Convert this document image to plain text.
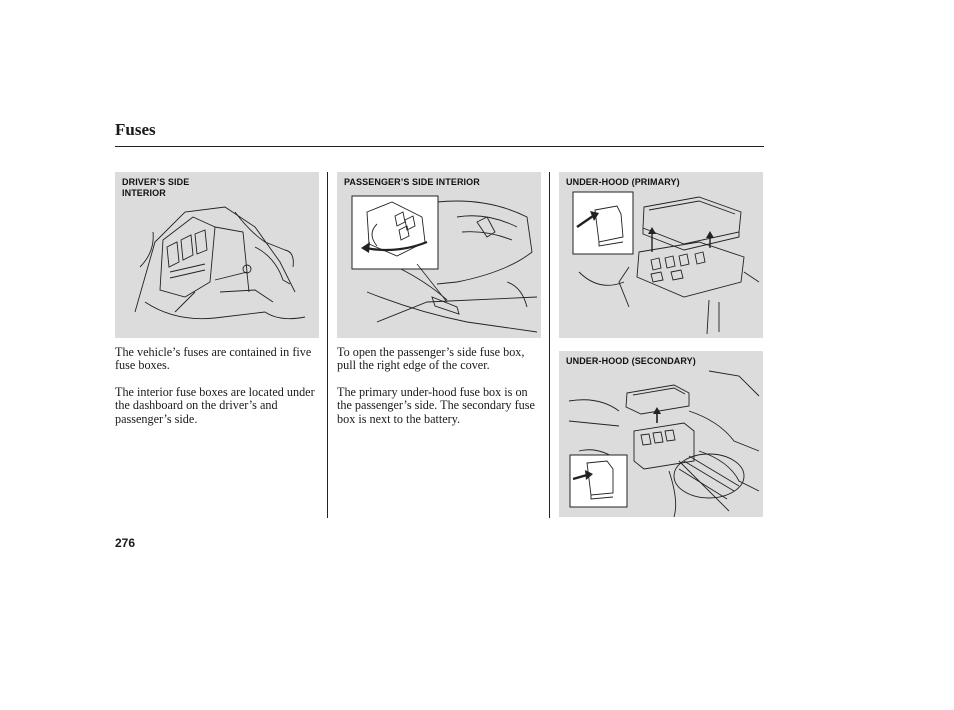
Fuses
DRIVER’S SIDE
INTERIOR
PASSENGER’S SIDE INTERIOR	UNDER-HOOD (PRIMARY)
UNDER-HOOD (SECONDARY)

The vehicle’s fuses are contained in five fuse boxes.

The interior fuse boxes are located under the dashboard on the driver’s and passenger’s side.

To open the passenger’s side fuse box, pull the right edge of the cover.

The primary under-hood fuse box is on the passenger’s side. The secondary fuse box is next to the battery.

276
